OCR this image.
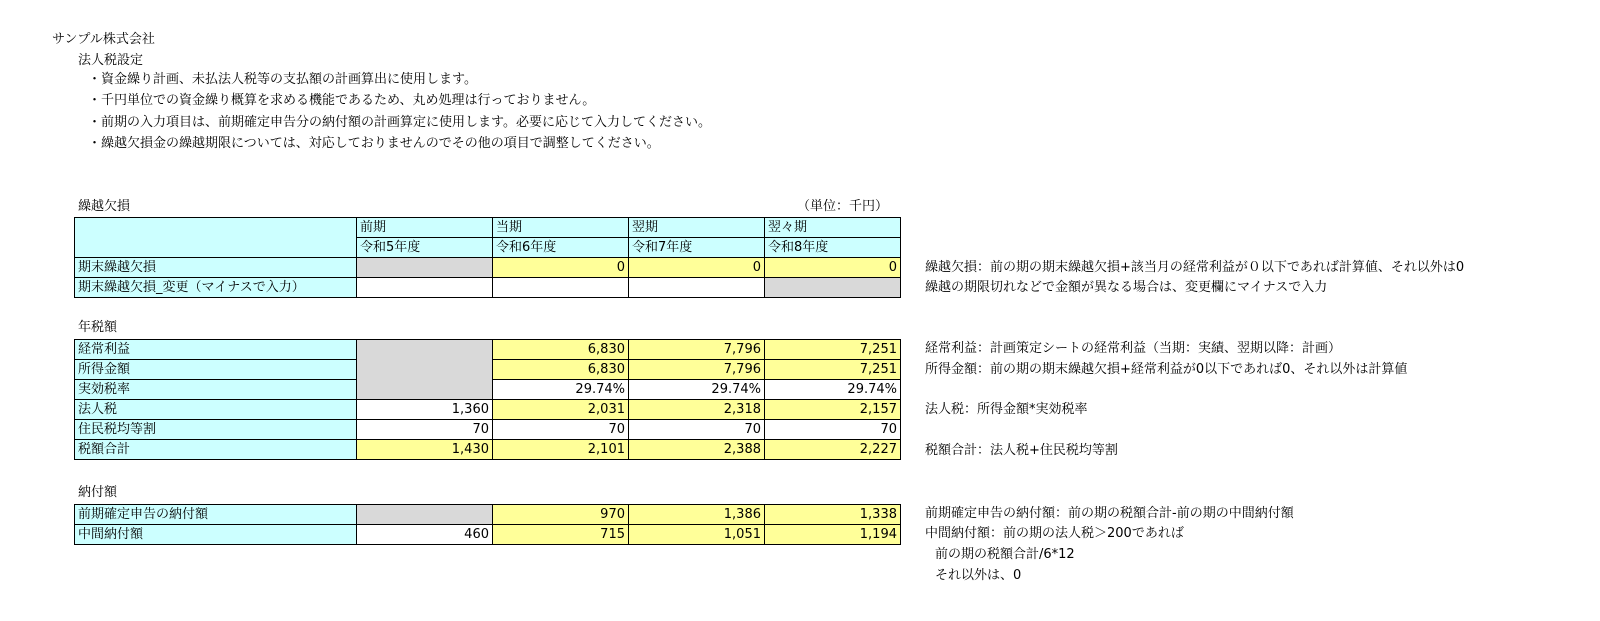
サンプル株式会社
法人税設定
・資金繰り計画、未払法人税等の支払額の計画算出に使用します。
・千円単位での資金繰り概算を求める機能であるため、丸め処理は行っておりません。
・前期の入力項目は、前期確定申告分の納付額の計画算定に使用します。必要に応じて入力してください。
・繰越欠損金の繰越期限については、対応しておりませんのでその他の項目で調整してください。
繰越欠損	（単位：千円）
	前期	当期	翌期	翌々期
	令和5年度	令和6年度	令和7年度	令和8年度
期末繰越欠損		0	0	0
期末繰越欠損_変更（マイナスで入力）				
繰越欠損：前の期の期末繰越欠損+該当月の経常利益が０以下であれば計算値、それ以外は0
繰越の期限切れなどで金額が異なる場合は、変更欄にマイナスで入力
年税額
経常利益		6,830	7,796	7,251
所得金額		6,830	7,796	7,251
実効税率		29.74%	29.74%	29.74%
法人税	1,360	2,031	2,318	2,157
住民税均等割	70	70	70	70
税額合計	1,430	2,101	2,388	2,227
経常利益：計画策定シートの経常利益（当期：実績、翌期以降：計画）
所得金額：前の期の期末繰越欠損+経常利益が0以下であれば0、それ以外は計算値
法人税：所得金額*実効税率
税額合計：法人税+住民税均等割
納付額
前期確定申告の納付額		970	1,386	1,338
中間納付額	460	715	1,051	1,194
前期確定申告の納付額：前の期の税額合計-前の期の中間納付額
中間納付額：前の期の法人税＞200であれば
前の期の税額合計/6*12
それ以外は、0
